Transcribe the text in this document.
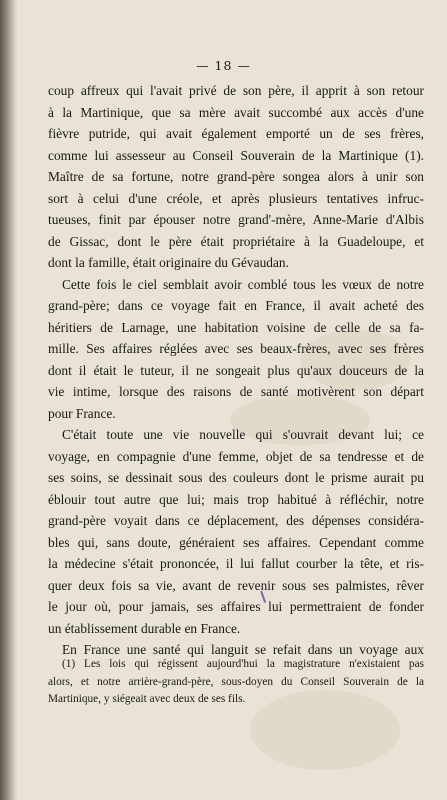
— 18 —
coup affreux qui l'avait privé de son père, il apprit à son retour
à la Martinique, que sa mère avait succombé aux accès d'une
fièvre putride, qui avait également emporté un de ses frères,
comme lui assesseur au Conseil Souverain de la Martinique (1).
Maître de sa fortune, notre grand-père songea alors à unir son
sort à celui d'une créole, et après plusieurs tentatives infruc-
tueuses, finit par épouser notre grand'-mère, Anne-Marie d'Albis
de Gissac, dont le père était propriétaire à la Guadeloupe, et
dont la famille, était originaire du Gévaudan.
Cette fois le ciel semblait avoir comblé tous les vœux de notre
grand-père; dans ce voyage fait en France, il avait acheté des
héritiers de Larnage, une habitation voisine de celle de sa fa-
mille. Ses affaires réglées avec ses beaux-frères, avec ses frères
dont il était le tuteur, il ne songeait plus qu'aux douceurs de la
vie intime, lorsque des raisons de santé motivèrent son départ
pour France.
C'était toute une vie nouvelle qui s'ouvrait devant lui; ce
voyage, en compagnie d'une femme, objet de sa tendresse et de
ses soins, se dessinait sous des couleurs dont le prisme aurait pu
éblouir tout autre que lui; mais trop habitué à réfléchir, notre
grand-père voyait dans ce déplacement, des dépenses considéra-
bles qui, sans doute, généraient ses affaires. Cependant comme
la médecine s'était prononcée, il lui fallut courber la tête, et ris-
quer deux fois sa vie, avant de revenir sous ses palmistes, rêver
le jour où, pour jamais, ses affaires lui permettraient de fonder
un établissement durable en France.
En France une santé qui languit se refait dans un voyage aux
(1) Les lois qui régissent aujourd'hui la magistrature n'existaient pas
alors, et notre arrière-grand-père, sous-doyen du Conseil Souverain de la
Martinique, y siégeait avec deux de ses fils.
